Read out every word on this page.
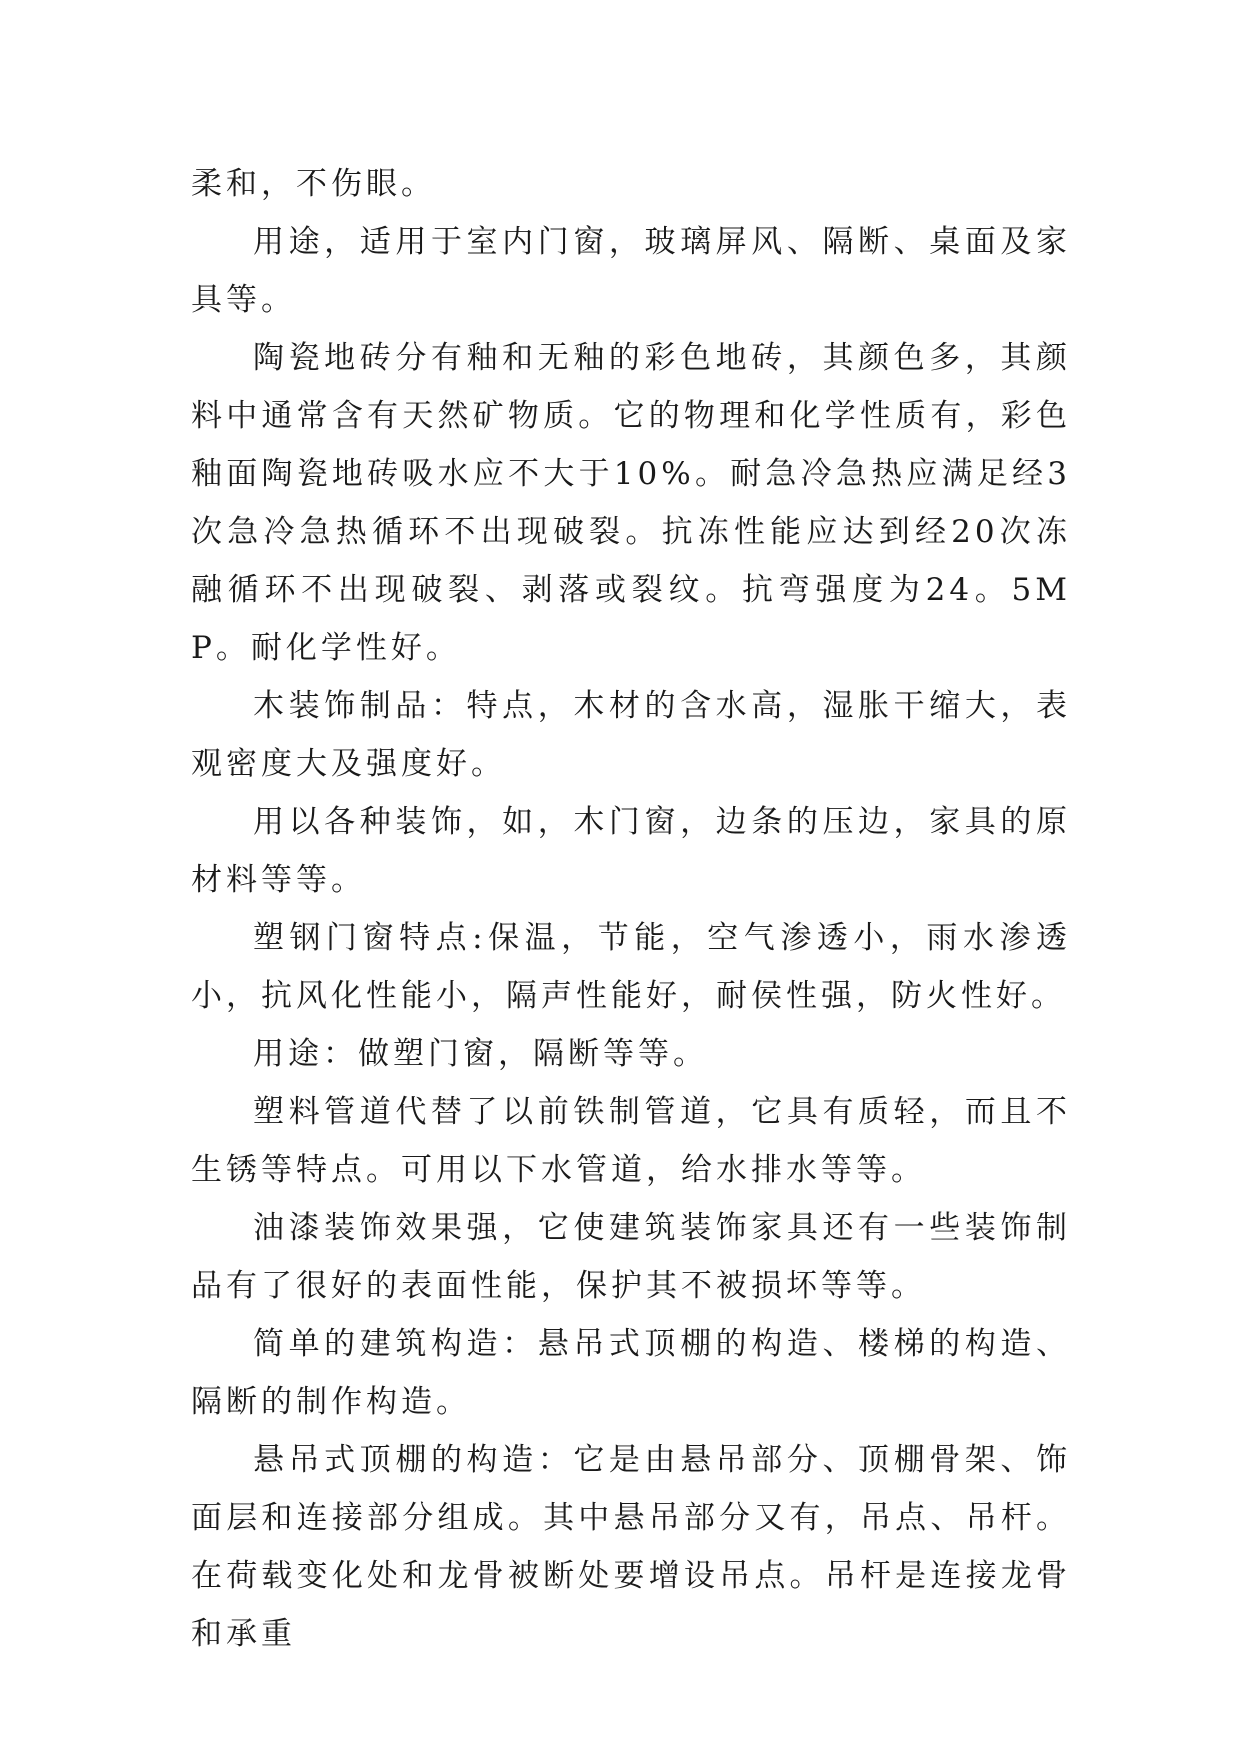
柔和，不伤眼。

用途，适用于室内门窗，玻璃屏风、隔断、桌面及家具等。

陶瓷地砖分有釉和无釉的彩色地砖，其颜色多，其颜料中通常含有天然矿物质。它的物理和化学性质有，彩色釉面陶瓷地砖吸水应不大于10%。耐急冷急热应满足经3次急冷急热循环不出现破裂。抗冻性能应达到经20次冻融循环不出现破裂、剥落或裂纹。抗弯强度为24。5MP。耐化学性好。

木装饰制品：特点，木材的含水高，湿胀干缩大，表观密度大及强度好。

用以各种装饰，如，木门窗，边条的压边，家具的原材料等等。

塑钢门窗特点:保温，节能，空气渗透小，雨水渗透小，抗风化性能小，隔声性能好，耐侯性强，防火性好。

用途：做塑门窗，隔断等等。

塑料管道代替了以前铁制管道，它具有质轻，而且不生锈等特点。可用以下水管道，给水排水等等。

油漆装饰效果强，它使建筑装饰家具还有一些装饰制品有了很好的表面性能，保护其不被损坏等等。

简单的建筑构造：悬吊式顶棚的构造、楼梯的构造、隔断的制作构造。

悬吊式顶棚的构造：它是由悬吊部分、顶棚骨架、饰面层和连接部分组成。其中悬吊部分又有，吊点、吊杆。在荷载变化处和龙骨被断处要增设吊点。吊杆是连接龙骨和承重
